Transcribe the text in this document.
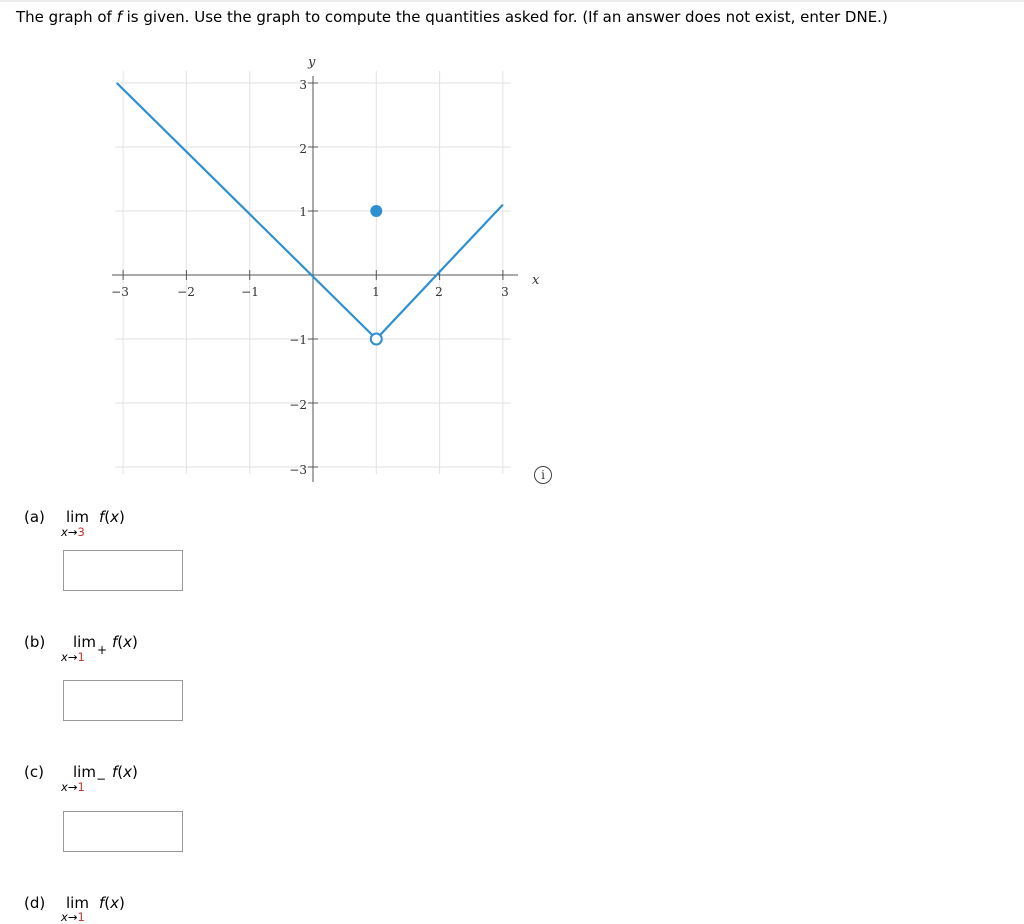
The graph of f is given. Use the graph to compute the quantities asked for. (If an answer does not exist, enter DNE.)
x
y
−3	−2	−1	1	2	3
3
2
1
−1
−2
−3	i
(a) lim f(x)
x→3
(b) lim f(x)
x→1 +
(c) lim f(x)
x→1
−
(d) lim f(x)
x→1
